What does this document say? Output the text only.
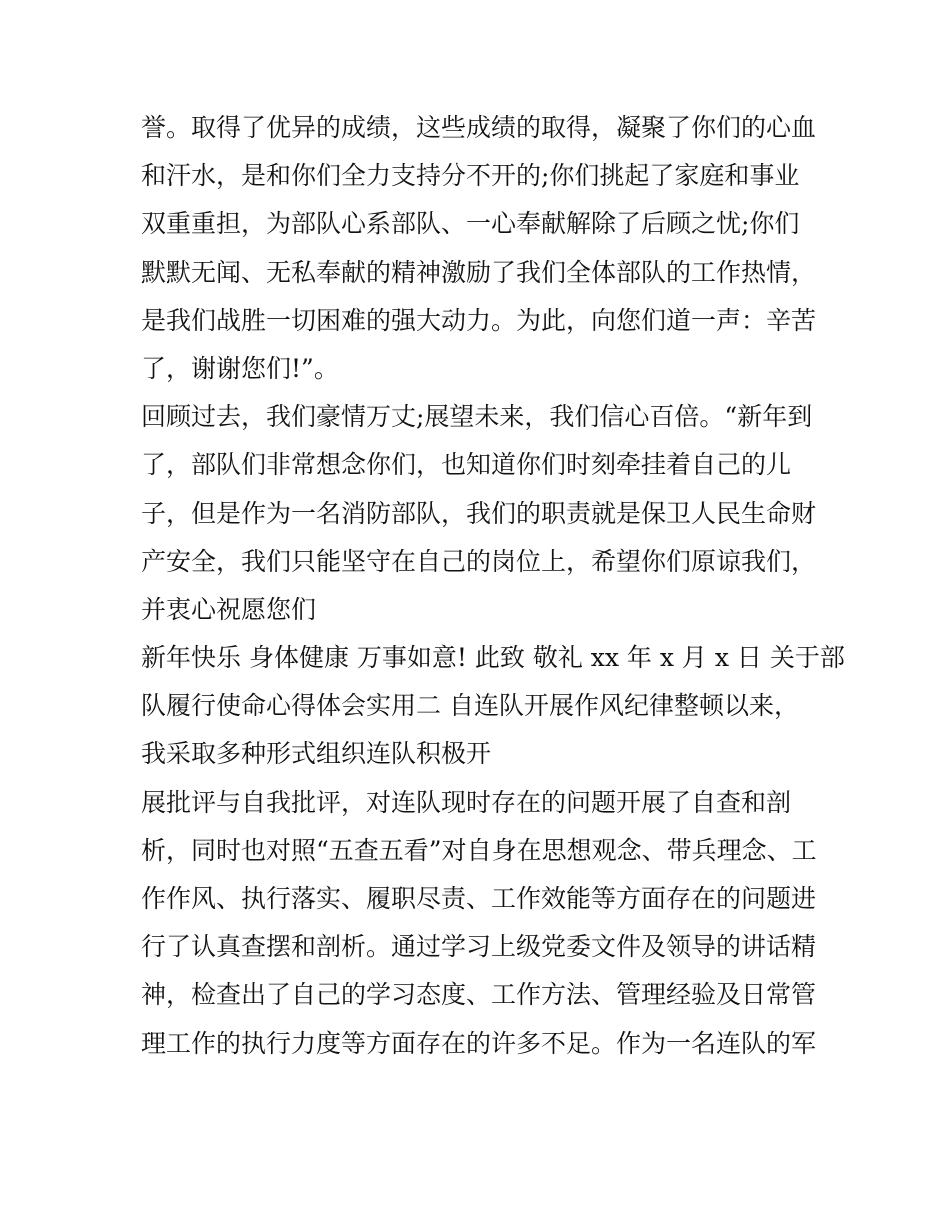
誉。取得了优异的成绩，这些成绩的取得，凝聚了你们的心血
和汗水，是和你们全力支持分不开的;你们挑起了家庭和事业
双重重担，为部队心系部队、一心奉献解除了后顾之忧;你们
默默无闻、无私奉献的精神激励了我们全体部队的工作热情，
是我们战胜一切困难的强大动力。为此，向您们道一声：辛苦
了，谢谢您们!”。
回顾过去，我们豪情万丈;展望未来，我们信心百倍。“新年到
了，部队们非常想念你们，也知道你们时刻牵挂着自己的儿
子，但是作为一名消防部队，我们的职责就是保卫人民生命财
产安全，我们只能坚守在自己的岗位上，希望你们原谅我们，
并衷心祝愿您们
新年快乐 身体健康 万事如意! 此致 敬礼 xx 年 x 月 x 日 关于部
队履行使命心得体会实用二 自连队开展作风纪律整顿以来，
我采取多种形式组织连队积极开
展批评与自我批评，对连队现时存在的问题开展了自查和剖
析，同时也对照“五查五看”对自身在思想观念、带兵理念、工
作作风、执行落实、履职尽责、工作效能等方面存在的问题进
行了认真查摆和剖析。通过学习上级党委文件及领导的讲话精
神，检查出了自己的学习态度、工作方法、管理经验及日常管
理工作的执行力度等方面存在的许多不足。作为一名连队的军
